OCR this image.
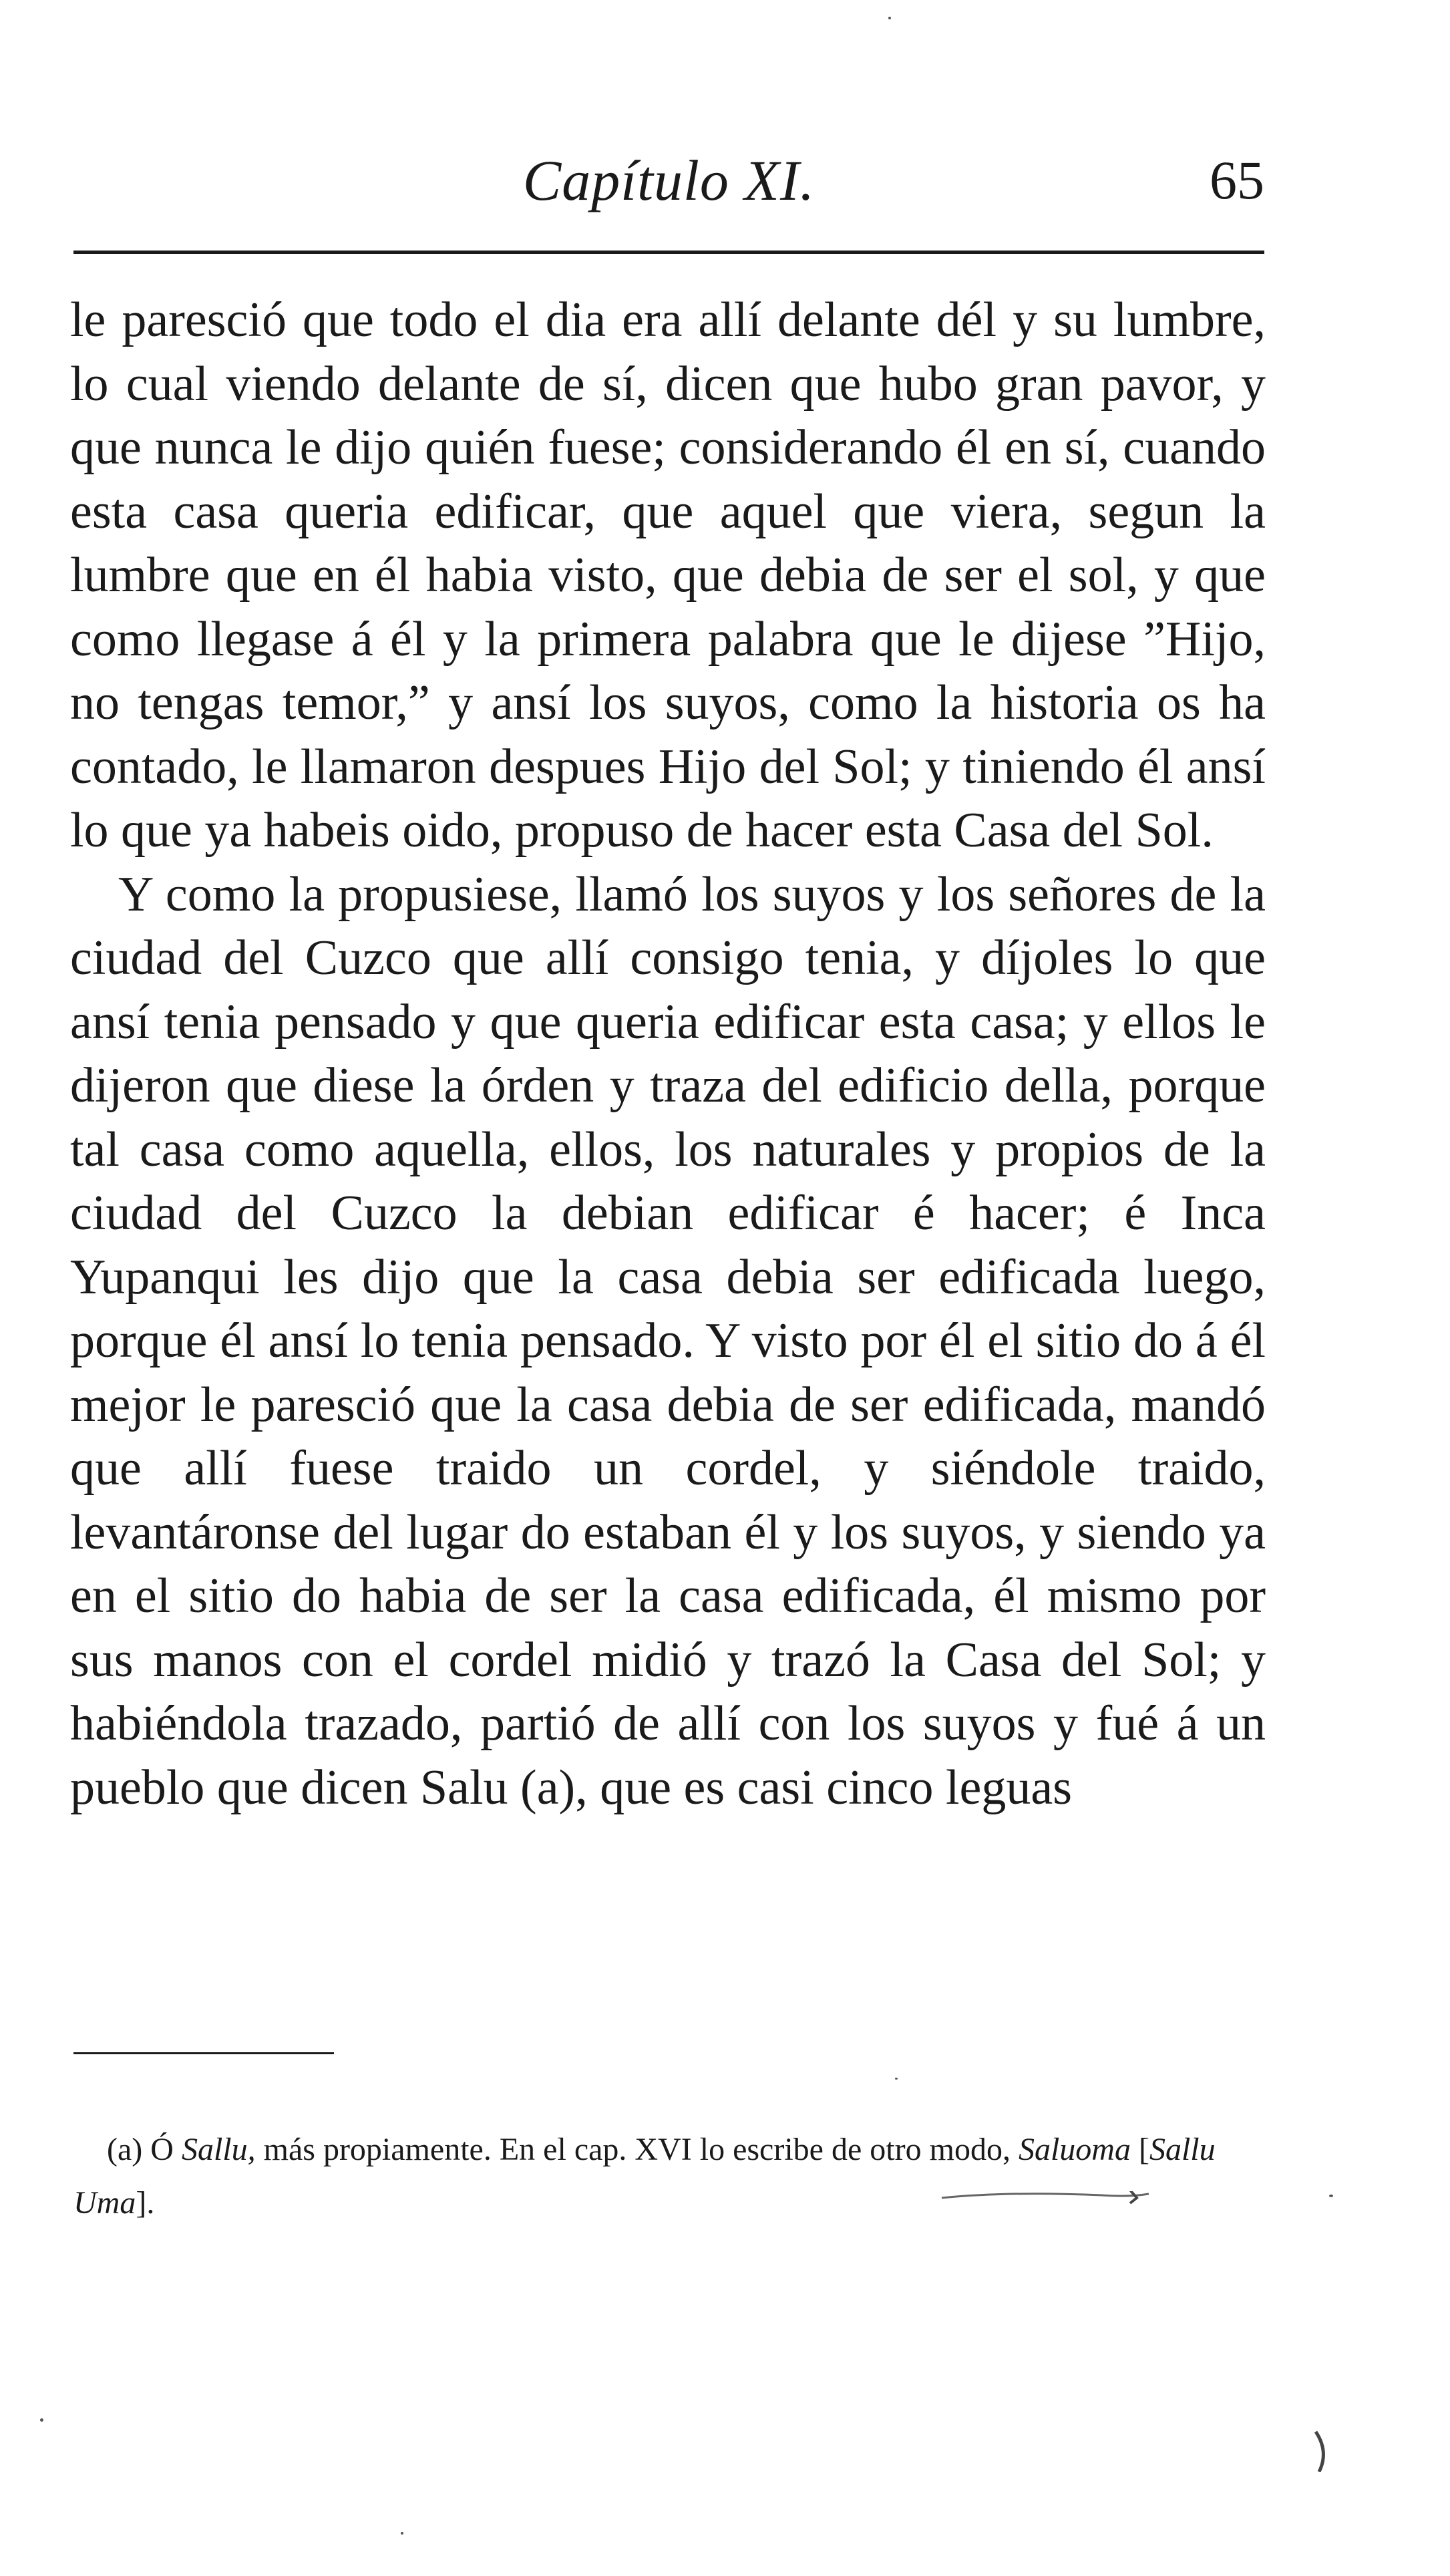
Capítulo XI.	65

le paresció que todo el dia era allí delante dél y su lumbre, lo cual viendo delante de sí, dicen que hubo gran pavor, y que nunca le dijo quién fuese; considerando él en sí, cuando esta casa queria edificar, que aquel que viera, segun la lumbre que en él habia visto, que debia de ser el sol, y que como llegase á él y la primera palabra que le dijese ”Hijo, no tengas temor,” y ansí los suyos, como la historia os ha contado, le llamaron despues Hijo del Sol; y tiniendo él ansí lo que ya habeis oido, propuso de hacer esta Casa del Sol.

Y como la propusiese, llamó los suyos y los señores de la ciudad del Cuzco que allí consigo tenia, y díjoles lo que ansí tenia pensado y que queria edificar esta casa; y ellos le dijeron que diese la órden y traza del edificio della, porque tal casa como aquella, ellos, los naturales y propios de la ciudad del Cuzco la debian edificar é hacer; é Inca Yupanqui les dijo que la casa debia ser edificada luego, porque él ansí lo tenia pensado. Y visto por él el sitio do á él mejor le paresció que la casa debia de ser edificada, mandó que allí fuese traido un cordel, y siéndole traido, levantáronse del lugar do estaban él y los suyos, y siendo ya en el sitio do habia de ser la casa edificada, él mismo por sus manos con el cordel midió y trazó la Casa del Sol; y habiéndola trazado, partió de allí con los suyos y fué á un pueblo que dicen Salu (a), que es casi cinco leguas

(a) Ó Sallu, más propiamente. En el cap. XVI lo escribe de otro modo, Saluoma [Sallu Uma].
